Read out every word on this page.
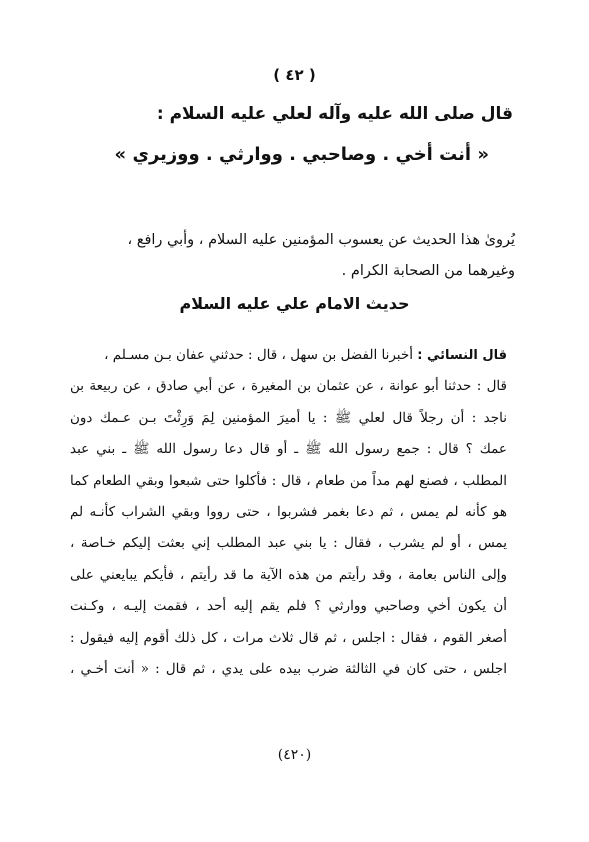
( ٤٢ )
قال صلى الله عليه وآله لعلي عليه السلام :
« أنت أخي . وصاحبي . ووارثي . ووزيري »
يُروىٰ هذا الحديث عن يعسوب المؤمنين عليه السلام ، وأبي رافع ،
وغيرهما من الصحابة الكرام .
حديث الامام علي عليه السلام
قال النسائي : أخبرنا الفضل بن سهل ، قال : حدثني عفان بـن مسـلم ،
قال : حدثنا أبو عوانة ، عن عثمان بن المغيرة ، عن أبي صادق ، عن ربيعة بن
ناجد : أن رجلاً قال لعلي ﷺ : يا أميرَ المؤمنين لِمَ وَرِثْتَ بـن عـمك دون
عمك ؟ قال : جمع رسول الله ﷺ ـ أو قال دعا رسول الله ﷺ ـ بني عبد
المطلب ، فصنع لهم مداً من طعام ، قال : فأكلوا حتى شبعوا وبقي الطعام كما
هو كأنه لم يمس ، ثم دعا بغمر فشربوا ، حتى رووا وبقي الشراب كأنـه لم
يمس ، أو لم يشرب ، فقال : يا بني عبد المطلب إني بعثت إليكم خـاصة ،
وإلى الناس بعامة ، وقد رأيتم من هذه الآية ما قد رأيتم ، فأيكم يبايعني على
أن يكون أخي وصاحبي ووارثي ؟ فلم يقم إليه أحد ، فقمت إليـه ، وكـنت
أصغر القوم ، فقال : اجلس ، ثم قال ثلاث مرات ، كل ذلك أقوم إليه فيقول :
اجلس ، حتى كان في الثالثة ضرب بيده على يدي ، ثم قال : « أنت أخـي ،
(٤٢٠)
